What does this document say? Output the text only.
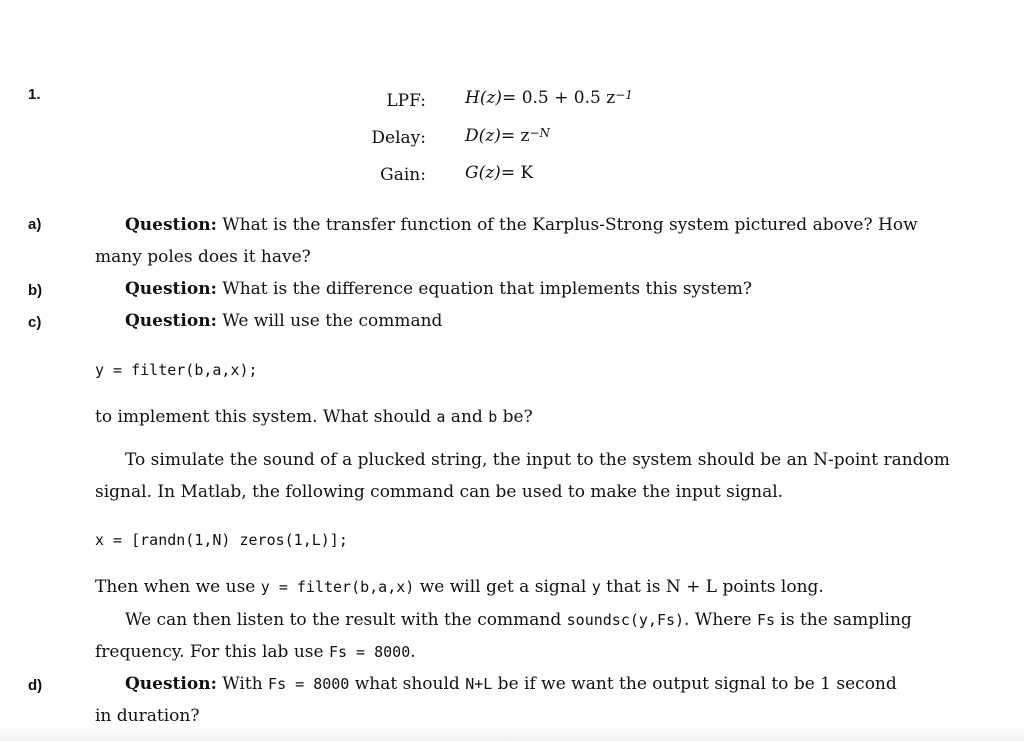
1.	LPF: H(z)= 0.5 + 0.5 $z^{-1}$
Delay: $D(z)= z^{-N}$
Gain: G(z)= K
a)	Question: What is the transfer function of the Karplus-Strong system pictured above? How
many poles does it have?
b)	Question: What is the difference equation that implements this system?
c)	Question: We will use the command
y = filter(b,a,x);
to implement this system. What should a and b be?
To simulate the sound of a plucked string, the input to the system should be an N-point random
signal. In Matlab, the following command can be used to make the input signal.
x = [randn(1,N) zeros(1,L)];
Then when we use y = filter(b,a,x) we will get a signal y that is N + L points long.
We can then listen to the result with the command soundsc(y,Fs). Where Fs is the sampling
frequency. For this lab use Fs = 8000.
d)	Question: With Fs = 8000 what should N+L be if we want the output signal to be 1 second
in duration?
